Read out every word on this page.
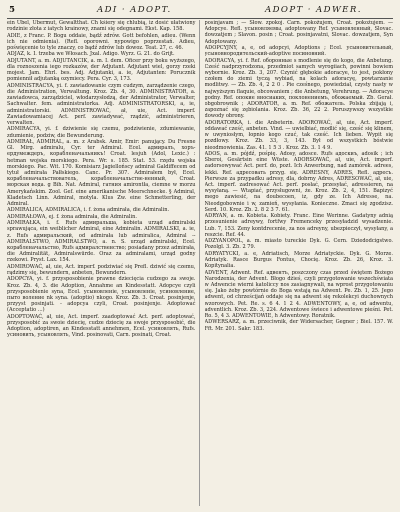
5	ADI · ADOPT.	ADOPT · ADWER.

ein Ubel, Ubermut, Gewaltthat. Ch kśiery się chlubią, iz dosić ułatwiony rodzinie złota z iatych krainowy, znami się odegnami. Ekst. Kap. 158.

ADIE, z Franc. P. Bogu oddaie, bądź zdrów. Gott befohlen, adieu. (Wenn ich nie odmienia). (Refl. oporowni. nypowigo poprzestań. Adieu, poświęcenie to tyle znaczy, co bądź zdrów lub dowoz. Teat. 27, c. 46.

ADJAZ, k. I. trzeba we Włosach. Jxal. Adigo. Wyrz. G. 21. do Grijt.

ADJUTANT, a. m. ADJUTANCIK, a. m. I. dem. Oficer przy boku wyższego, dla roznoszenia iego rozkazów, der Adjutant. Adjutant wiel, gorzy rzeki mojest. Jam. Ehrl. bes. Adj. Adjutanki, a. ie, Adjutanten: Porucznik pomiennił adjutanką ozymiecy. Pera. Cyr. 3, 173.

ADMINISTRACYA, yi. f. zawiadowanie czym cudzym, zarządzenie czego, die Administration, Verwaltung. Kroz. Zb. 4, 30. ADMINISTRATOR, a. zawiadowca, zarządziciel, włodarzysłodzą, der Administrator, Verwalter, Sachwalter. fem. administratorka. Adj. ADMINISTRATORSKI, a, ie, administratorski. ADMINISTROWAĆ, ał, uie, Act. imperf. Zawiadowamiacej Act. perf. zawiadywać, rządzić, administrieren, verwalten.

ADMIRACYA, yi. f. dziwienie się czemu, podziwienie, zdumiewanie, zdumienie, podziw, die Bewunderung.

ADMIRAŁ, ADMIRAL, a. m. z Arabsk. Amir, Emir: panujący. Du Fresne Gl. Mirg. admiralu, Cyr. ter Admiral. Ecel. адмиралъ, хоръ-ердумеждеръ, корабленачальникъ! Croat. lesjuh (Adol, Lexic.) : hetman wojska morskiego. Pera. Wr. s. 185. Stat. 53. rzędu wojska morskiego. Pac. Wit. 170. Komisiarz Jagiellońscy admirał Galdiffecem od tytuł admirała Pałłskiego. Canc. Pr. 307. Admirałem był, Ecel. корабленачальствователь, корабленачальстве-ненный, Croat. морская вода. g Bih. Nat. Admiral, гатния amirontła, ciemne w morzu Amerykańskim. Zool. Gef. eine amerikanische Meerschnecke. § Admiral, Kladetsch Linn. Admiral, motyla. Klus Zw. eine Schmetterling, der Admiral.

ADMIRALICA, ADMIRALICA, i. f. żona admirała, die Admiralin.

ADMIRAŁOWA, ej. f. żona admirała, die Admiralin.

ADMIRAŁKA, i. f. Rufs адмиральша, kobieta urząd admiralski sprawująca, ein weiblicher Admiral, eine Admiralin. ADMIRALSKI, a. ie, z. Rufs адмиральский, od admirała lub admiralica, Admiral -- ADMIRALSTWO, ADMIRALSTWO, a. n. S. urząd admiralski, Ecel. корабленачальство, Rufs адмиралственство; posiadany przez admirała, die Admiralität, Admiralswürde. Oraz za admiralami, urząd godny rzekowi. Pryst. Lax. 154.

ADMIROWAĆ, ał, uie, Act. imperf. podziwiać się Prefl. dziwić się czemu, rądzimy się, bewundern, anbeten, Bewundern.

ADOPCYA, yi. f. przysposobienie prawne dziecięcia cudzego za swoje. Kroz. Zb. 4, 3. die Adoption, Annahme an Kindesstatt. Adopcye czyli przysposobienie syna, Ecel. усыновленіе, усыновлeніе, усиновление, пыто воление nk syna. (adoptio) nkogo. Kroz. Zb. 3. Croat. posinjenje, przyyst posinjati. - adopcya czyli, Croat. posinjenje. Adoptować (Acceptatio ...)

ADOPTOWAĆ, ał, uie, Act. imperf. zaadoptować Act. perf. adoptować, przysposobić za swoie dziecię, cudze dziecię za swoje przysposobić, die Adoption, adoptiren, an Kindesstatt annehmen, Ecel. усиновлять, Rufs. усиновить, усыновлять, Vind. posinovati, Carn. posinati, Croat.

posinjavam ; — Słow. zpokoj. Carn. pokožujem, Croat. pokožujem. — Adopcye. Refl. усыновляемы, adoptowany Ref. усыновленный, Slovac. dowzatjem ; Slavon. posin ; Croat. posinjavatni, Slovac. dowzatjem, Syn Adoptowany.

ADOPCYJNY, a, e, od adopcyi, Adoptions ; Ecel. усыновительный, усыновнородительский-adoptive посиновний.

ADORACYA, yi. f. Ref. оборонные s modlenie się do kogo, die Anbetung. Cześć nadprzyrodzona, przedmiot samych wyrogiiach, powinni bowiem wybornie. Kroz. Zb. 3, 207. Czynić głębokie adoracye, to jest, pokłony czołem do ziemi tyczą wybiad, na kolach adoracyę, powtarzanie modlitwy. — Zb. Zb. 4, 2 2 0 . Pie cześnego, powiedział, czysty nasty w najwyższym flaquie, obcowaniem ; die Anbetung, Verehrung. — Adoracye godny. Ref. oпoкиe вносиaкиx, поклонениeмъ, обожаемый. Zb. Gerał. obgobrownik ; ADORATOR, a. m. Ref. обожатель. Polska zbijają i, zapoznać się zębiolania. Kroz. Zb. 36, 22 2. Poruszywszy wszystkie dowody obrony.

ADORATORKA, i. die Anbeterin. ADOROWAĆ, ał, uie, Act. imperf. oddawać cześć, anbeten. Vind. — uwielbiać, modlić się, cześć się klinem, w uwyniosłym, łopnio kogo czuć, tak cześć. Ich lieben. Wypit się pozdłowy. Kroz. Zb. 33, 3, 143. Był od wszystkich bóstwie nieodmowienia. Zas. 41. 1 5 3 . Kroz. Zb. 3. 1 4 9.

ADOS, a. m. pójdź, pośpię. Adosy, adosce. Rufs адоскиъ, adosik ; ich Sberoi, Gesärtsin eine Wüste. ADORSOWAĆ, ał, uie, Act. imperf. zadorsowywać Act. perf. do, pozt. Ich Anwerbung, nad zamórek. adrees, lekki. Ref. адресовать przyg. się. ADRESNY, ADRES, Refl. адресъ. Pierwsze za przypadku adresy, dla, dobrny Adres, ADRESOWAĆ, ał, uie, Act. imperf. zadresować Act. perf. posłać, przesyłać, adressieren, na wysyłaną. — Wtapiać, przysługowni, że. Kroz. Zb. 2, 4, 151. Bapizyć mego zawiesić, na doubecoen, iz, gdy ze. Ich Adresse, na. Nieodgobownie i w, zamień, wysyłania. Konieczne. Zmaci się zgodzisz. Serd. 10. Kroz. Zb. 2. 8 2 3 7. 61.

ADRYAN, a. m. Kobieta. Kobiety. Franc. Eine Werinne. Gadatyny adnią przesunienie adreywy, fortfwy Fremenceky przesyładzid wysadzenie. Lub. 7, 153. Zeny kontdrecenie, za nos adreyny, ubezpieczył, wysyłany, a reszcie. Ref. 44.

ADZYANOPOL, a. m. miasto tureckie Dyk. G. Cern. Dziedodcigstwo. Pozolgl. 3. Zb. 2 79.

ADRYATYCKI, a. e, Adriatisch, Morze Adriatyckie. Dyk. G. Morze. Adriatyk. Rasce Burgus Fontus, Chocię. Kroz. Zb. 26, Kroz. 3. Kopitynalia.

ADVENT, Adwent. Ref. адвентъ, poszczony czas przed świętem Bożego Narodzenia, der Advent. Błogo dżieś, czyli przygotowanie wszechświata w Adwencie wierni katoliccy nos zasiagnywali, na wprost przygotowaniu się. Jako żeby powtórnie do Boga wstają na Adwent. Pe. Zb. 1, 25. Jego adwent, od chrześcijań oddaje się na adwent się rekolekcyi duchownych wzorowych. Pet. Re. s. 6 4. 1 2 4. ADWENTOWY, a, e, od adwentu, adventlich. Kroz. Zb. 3, 224. Adwentowe świece i adwentowe pieśni. Pet. Ro. 5, 4 3. ADWENTOWIE, h Adwentowy. Roratnik.

ADWERSARZ, a. m. przeciwnik, der Widersacher, Gegner ; Biel. 157. W. Fft. Mr. 201. Sakr. 183.
